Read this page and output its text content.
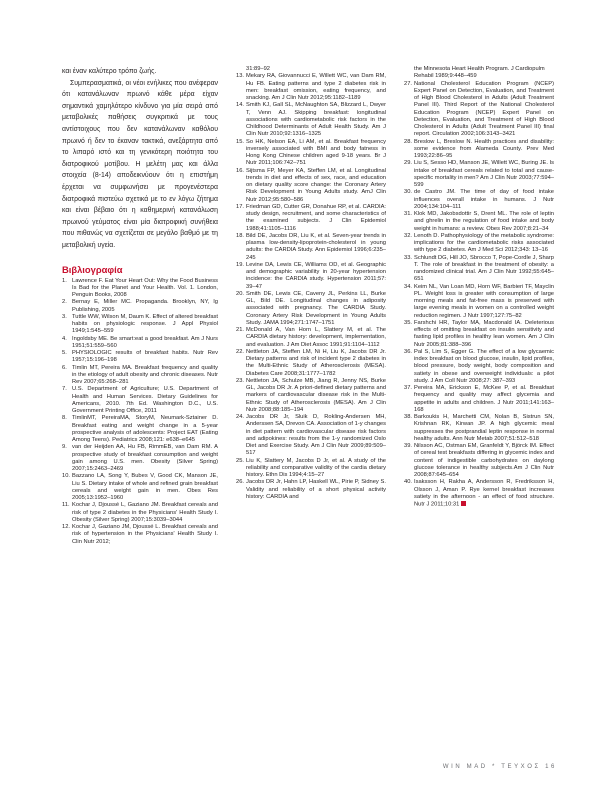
και έναν καλύτερο τρόπο ζωής.
Συμπερασματικά, οι νέοι ενήλικες που ανέφεραν ότι κατανάλωναν πρωινό κάθε μέρα είχαν σημαντικά χαμηλότερο κίνδυνο για μία σειρά από μεταβολικές παθήσεις συγκριτικά με τους αντίστοιχους που δεν κατανάλωναν καθόλου πρωινό ή δεν το έκαναν τακτικά, ανεξάρτητα από το λιπαρό ιστό και τη γενικότερη ποιότητα του διατροφικού μοτίβου. Η μελέτη μας και άλλα στοιχεία (8-14) αποδεικνύουν ότι η επιστήμη έρχεται να συμφωνήσει με προγενέστερα διατροφικά πιστεύω σχετικά με το εν λόγω ζήτημα και είναι βέβαιο ότι η καθημερινή κατανάλωση πρωινού γεύματος είναι μία διατροφική συνήθεια που πιθανώς να σχετίζεται σε μεγάλο βαθμό με τη μεταβολική υγεία.

Βιβλιογραφία
1. Lawrence F. Eat Your Heart Out: Why the Food Business Is Bad for the Planet and Your Health. Vol. 1. London, Penguin Books, 2008
2. Bernay E, Miller MC. Propaganda. Brooklyn, NY, Ig Publishing, 2005
3. Tuttle WW, Wilson M, Daum K. Effect of altered breakfast habits on physiologic response. J Appl Physiol 1949;1:545–559
4. Ingoldsby ME. Be smart:eat a good breakfast. Am J Nurs 1951;51:559–560
5. PHYSIOLOGIC results of breakfast habits. Nutr Rev 1957;15:196–198
6. Timlin MT, Pereira MA. Breakfast frequency and quality in the etiology of adult obesity and chronic diseases. Nutr Rev 2007;65:268–281
7. U.S. Department of Agriculture; U.S. Department of Health and Human Services. Dietary Guidelines for Americans, 2010. 7th Ed. Washington D.C., U.S. Government Printing Office, 2011
8. TimlinMT, PereiraMA, StoryM, Neumark-Sztainer D. Breakfast eating and weight change in a 5-year prospective analysis of adolescents: Project EAT (Eating Among Teens). Pediatrics 2008;121: e638–e645
9. van der Heijden AA, Hu FB, RimmEB, van Dam RM. A prospective study of breakfast consumption and weight gain among U.S. men. Obesity (Silver Spring) 2007;15:2463–2469
10. Bazzano LA, Song Y, Bubes V, Good CK, Manson JE, Liu S. Dietary intake of whole and refined grain breakfast cereals and weight gain in men. Obes Res 2005;13:1952–1960
11. Kochar J, Djoussé L, Gaziano JM. Breakfast cereals and risk of type 2 diabetes in the Physicians' Health Study I. Obesity (Silver Spring) 2007;15:3039–3044
12. Kochar J, Gaziano JM, Djoussé L. Breakfast cereals and risk of hypertension in the Physicians' Health Study I. Clin Nutr 2012;
31:89–92
13. Mekary RA, Giovannucci E, Willett WC, van Dam RM, Hu FB. Eating patterns and type 2 diabetes risk in men: breakfast omission, eating frequency, and snacking. Am J Clin Nutr 2012;95:1182–1189
14. Smith KJ, Gall SL, McNaughton SA, Blizzard L, Dwyer T, Venn AJ. Skipping breakfast: longitudinal associations with cardiometabolic risk factors in the Childhood Determinants of Adult Health Study. Am J Clin Nutr 2010;92:1316–1325
15. So HK, Nelson EA, Li AM, et al. Breakfast frequency inversely associated with BMI and body fatness in Hong Kong Chinese children aged 9-18 years. Br J Nutr 2011;106:742–751
16. Sijtsma FP, Meyer KA, Steffen LM, et al. Longitudinal trends in diet and effects of sex, race, and education on dietary quality score change: the Coronary Artery Risk Development in Young Adults study. AmJ Clin Nutr 2012;95:580–586
17. Friedman GD, Cutter GR, Donahue RP, et al. CARDIA: study design, recruitment, and some characteristics of the examined subjects. J Clin Epidemiol 1988;41:1105–1116
18. Bild DE, Jacobs DR, Liu K, et al. Seven-year trends in plasma low-density-lipoprotein-cholesterol in young adults: the CARDIA Study. Ann Epidemiol 1996;6:235–245
19. Levine DA, Lewis CE, Williams OD, et al. Geographic and demographic variability in 20-year hypertension incidence: the CARDIA study. Hypertension 2011;57: 39–47
20. Smith DE, Lewis CE, Caveny JL, Perkins LL, Burke GL, Bild DE. Longitudinal changes in adiposity associated with pregnancy. The CARDIA Study. Coronary Artery Risk Development in Young Adults Study. JAMA 1994;271:1747–1751
21. McDonald A, Van Horn L, Slattery M, et al. The CARDIA dietary history: development, implementation, and evaluation. J Am Diet Assoc 1991;91:1104–1112
22. Nettleton JA, Steffen LM, Ni H, Liu K, Jacobs DR Jr. Dietary patterns and risk of incident type 2 diabetes in the Multi-Ethnic Study of Atherosclerosis (MESA). Diabetes Care 2008;31:1777–1782
23. Nettleton JA, Schulze MB, Jiang R, Jenny NS, Burke GL, Jacobs DR Jr. A priori-defined dietary patterns and markers of cardiovascular disease risk in the Multi-Ethnic Study of Atherosclerosis (MESA). Am J Clin Nutr 2008;88:185–194
24. Jacobs DR Jr, Sluik D, Rokling-Andersen MH, Anderssen SA, Drevon CA. Association of 1-y changes in diet pattern with cardiovascular disease risk factors and adipokines: results from the 1-y randomized Oslo Diet and Exercise Study. Am J Clin Nutr 2009;89:509–517
25. Liu K, Slattery M, Jacobs D Jr, et al. A study of the reliability and comparative validity of the cardia dietary history. Ethn Dis 1994;4:15–27
26. Jacobs DR Jr, Hahn LP, Haskell WL, Pirie P, Sidney S. Validity and reliability of a short physical activity history: CARDIA and
the Minnesota Heart Health Program. J Cardiopulm Rehabil 1989;9:448–459
27. National Cholesterol Education Program (NCEP) Expert Panel on Detection, Evaluation, and Treatment of High Blood Cholesterol in Adults (Adult Treatment Panel III). Third Report of the National Cholesterol Education Program (NCEP) Expert Panel on Detection, Evaluation, and Treatment of High Blood Cholesterol in Adults (Adult Treatment Panel III) final report. Circulation 2002;106:3143–3421
28. Breslow L, Breslow N. Health practices and disability: some evidence from Alameda County. Prev Med 1993;22:86–95
29. Liu S, Sesso HD, Manson JE, Willett WC, Buring JE. Is intake of breakfast cereals related to total and cause-specific mortality in men? Am J Clin Nutr 2003;77:594–599
30. de Castro JM. The time of day of food intake influences overall intake in humans. J Nutr 2004;134:104–111
31. Klok MD, Jakobsdottir S, Drent ML. The role of leptin and ghrelin in the regulation of food intake and body weight in humans: a review. Obes Rev 2007;8:21–34
32. Lenoth D. Pathophysiology of the metabolic syndrome: implications for the cardiometabolic risks associated with type 2 diabetes. Am J Med Sci 2012;343: 13–16
33. Schlundt DG, Hill JO, Sbrocco T, Pope-Cordle J, Sharp T. The role of breakfast in the treatment of obesity: a randomized clinical trial. Am J Clin Nutr 1992;55:645–651
34. Keim NL, Van Loan MD, Horn WF, Barbieri TF, Mayclin PL. Weight loss is greater with consumption of large morning meals and fat-free mass is preserved with large evening meals in women on a controlled weight reduction regimen. J Nutr 1997;127:75–82
35. Farshchi HR, Taylor MA, Macdonald IA. Deleterious effects of omitting breakfast on insulin sensitivity and fasting lipid profiles in healthy lean women. Am J Clin Nutr 2005;81:388–396
36. Pal S, Lim S, Egger G. The effect of a low glycaemic index breakfast on blood glucose, insulin, lipid profiles, blood pressure, body weight, body composition and satiety in obese and overweight individuals: a pilot study. J Am Coll Nutr 2008;27: 387–393
37. Pereira MA, Erickson E, McKee P, et al. Breakfast frequency and quality may affect glycemia and appetite in adults and children. J Nutr 2011;141:163–168
38. Barkoukis H, Marchetti CM, Nolan B, Sistrun SN, Krishnan RK, Kirwan JP. A high glycemic meal suppresses the postprandial leptin response in normal healthy adults. Ann Nutr Metab 2007;51:512–518
39. Nilsson AC, Ostman EM, Granfeldt Y, Björck IM. Effect of cereal test breakfasts differing in glycemic index and content of indigestible carbohydrates on daylong glucose tolerance in healthy subjects.Am J Clin Nutr 2008;87:645–654
40. Isaksson H, Rakha A, Andersson R, Fredriksson H, Olsson J, Aman P. Rye kernel breakfast increases satiety in the afternoon - an effect of food structure. Nutr J 2011;10:31
WIN MAD * ΤΕΥΧΟΣ 16
